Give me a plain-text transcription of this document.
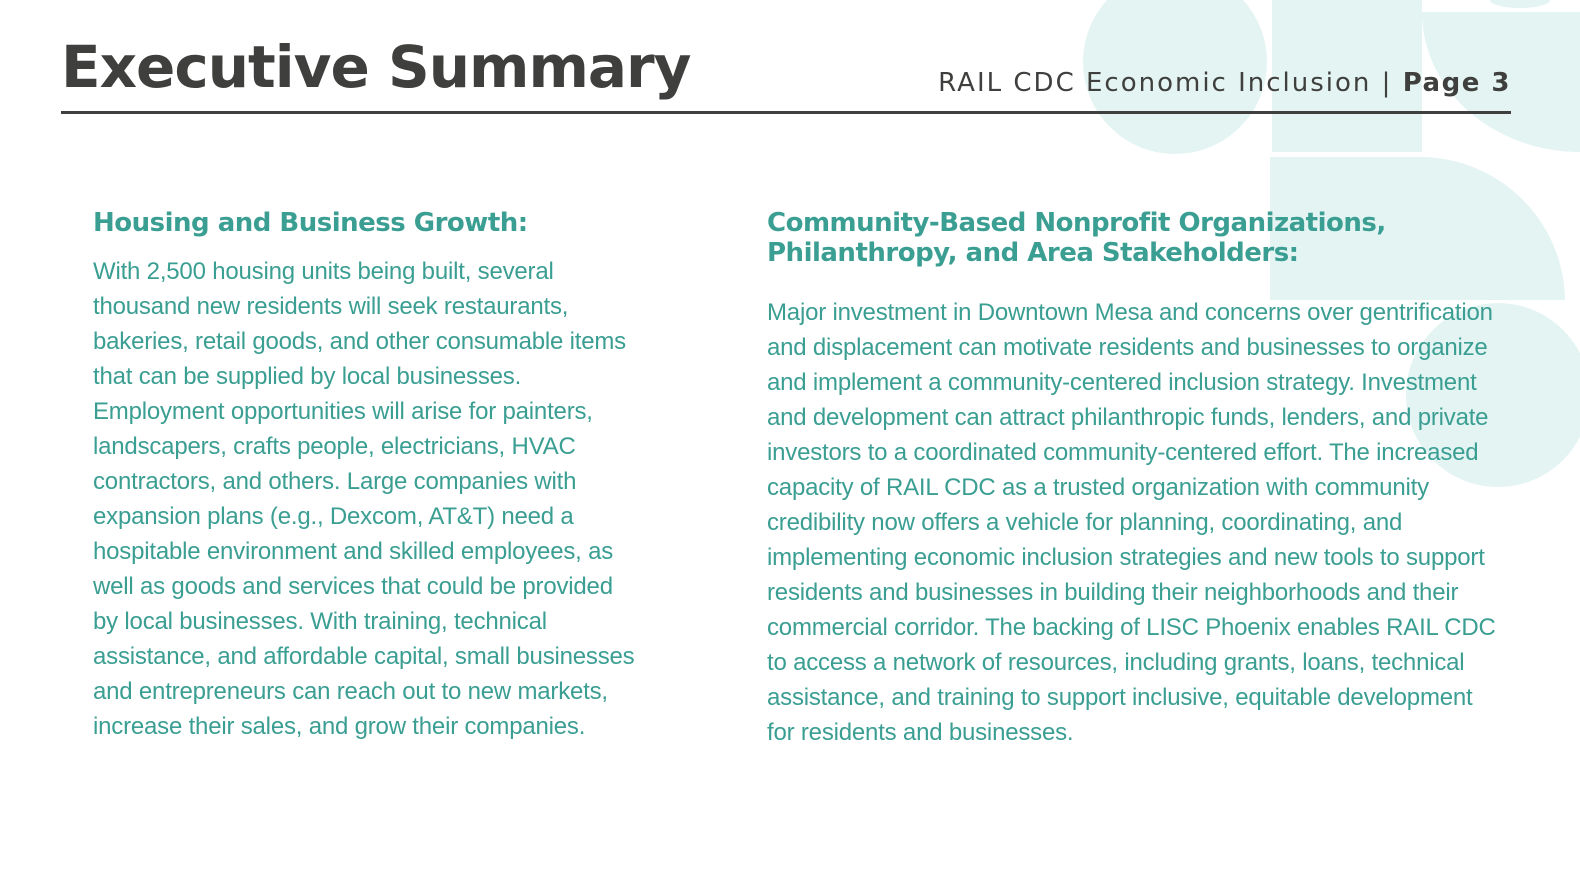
Executive Summary	RAIL CDC Economic Inclusion | Page 3
Housing and Business Growth:

With 2,500 housing units being built, several thousand new residents will seek restaurants, bakeries, retail goods, and other consumable items that can be supplied by local businesses. Employment opportunities will arise for painters, landscapers, crafts people, electricians, HVAC contractors, and others. Large companies with expansion plans (e.g., Dexcom, AT&T) need a hospitable environment and skilled employees, as well as goods and services that could be provided by local businesses. With training, technical assistance, and affordable capital, small businesses and entrepreneurs can reach out to new markets, increase their sales, and grow their companies.

Community-Based Nonprofit Organizations, Philanthropy, and Area Stakeholders:

Major investment in Downtown Mesa and concerns over gentrification and displacement can motivate residents and businesses to organize and implement a community-centered inclusion strategy. Investment and development can attract philanthropic funds, lenders, and private investors to a coordinated community-centered effort. The increased capacity of RAIL CDC as a trusted organization with community credibility now offers a vehicle for planning, coordinating, and implementing economic inclusion strategies and new tools to support residents and businesses in building their neighborhoods and their commercial corridor. The backing of LISC Phoenix enables RAIL CDC to access a network of resources, including grants, loans, technical assistance, and training to support inclusive, equitable development for residents and businesses.
